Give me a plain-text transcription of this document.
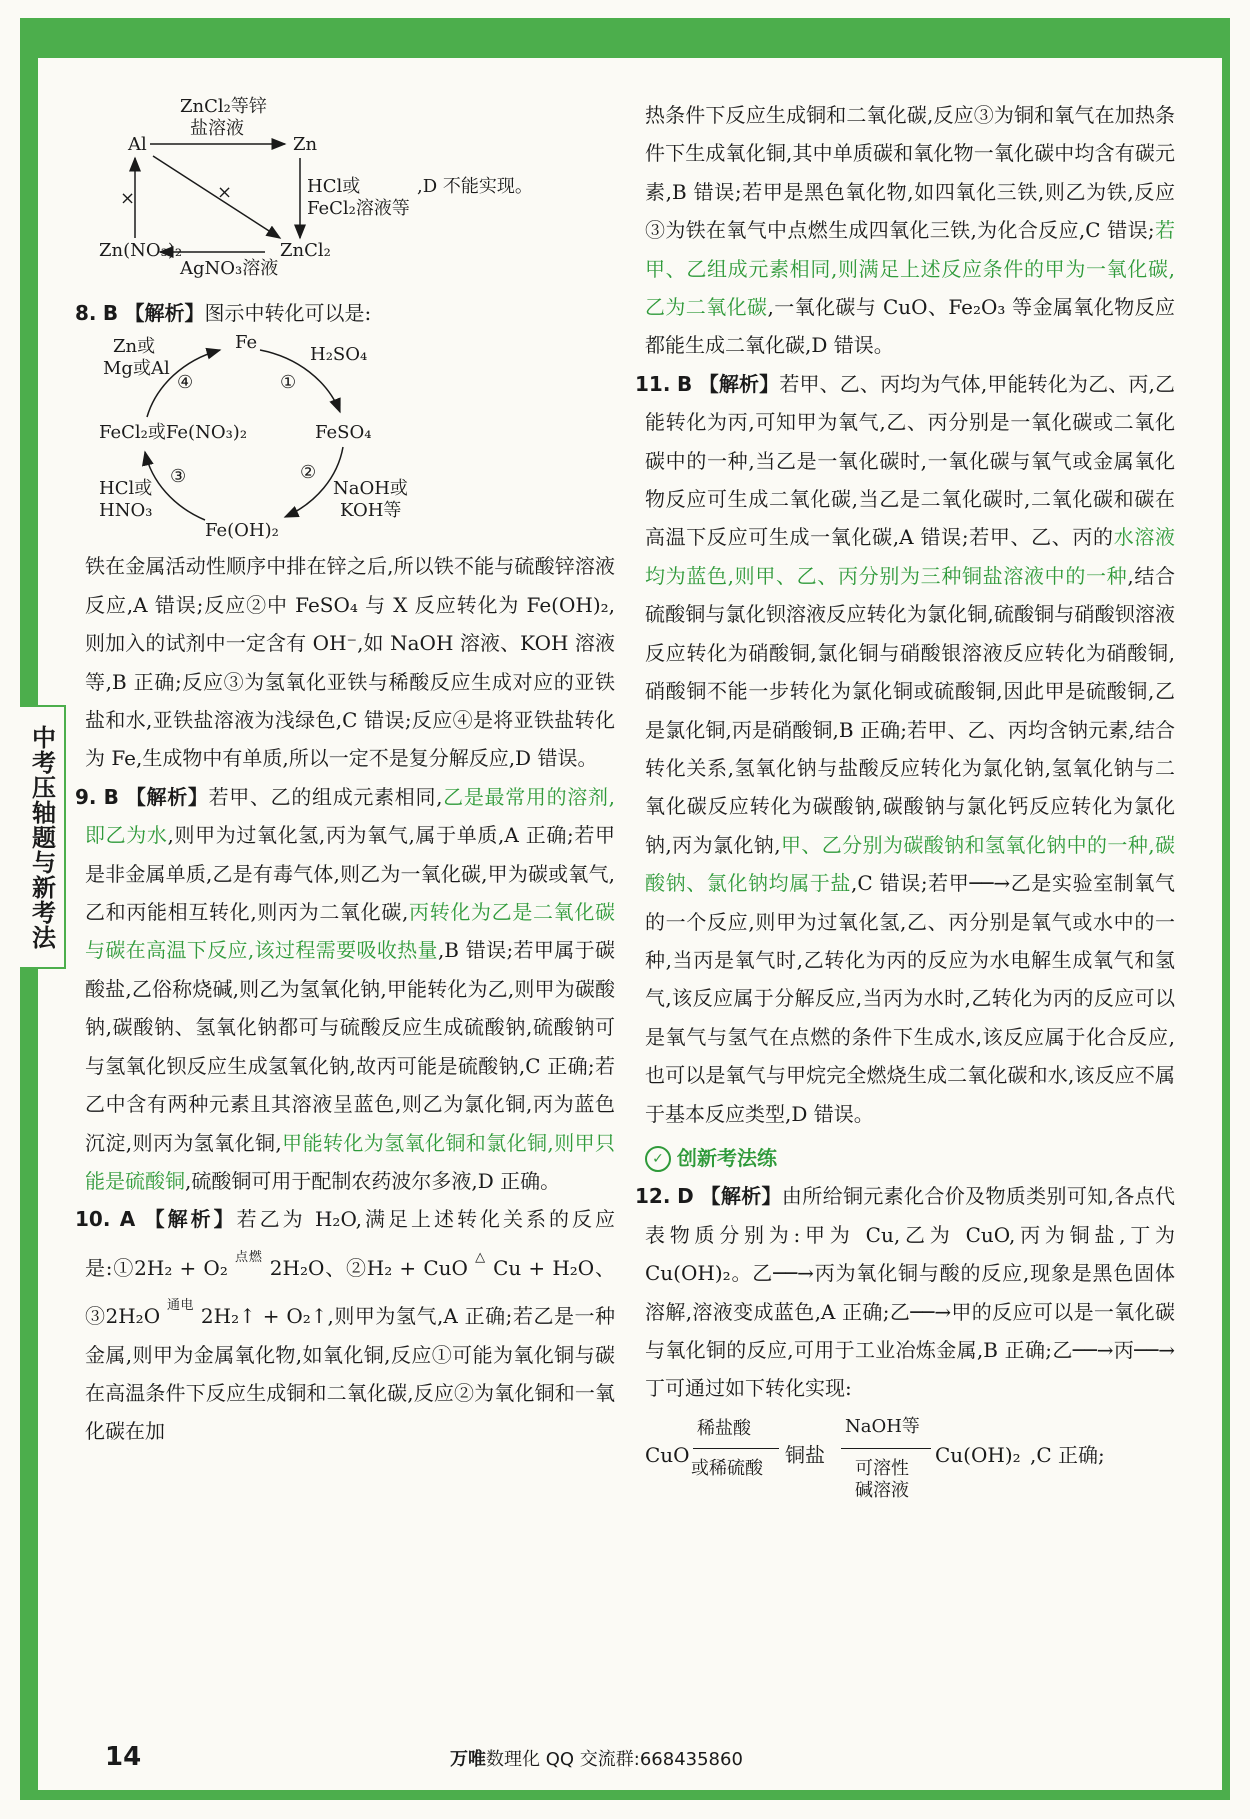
中考压轴题与新考法
ZnCl₂等锌
盐溶液
Al	Zn
×	×	HCl或
FeCl₂溶液等
,D 不能实现。
Zn(NO₃)₂	ZnCl₂
AgNO₃溶液

8. B 【解析】图示中转化可以是:

Fe
H₂SO₄
①
FeSO₄
②
NaOH或
KOH等
Fe(OH)₂
③
HCl或
HNO₃
FeCl₂或Fe(NO₃)₂
④
Zn或
Mg或Al

铁在金属活动性顺序中排在锌之后,所以铁不能与硫酸锌溶液反应,A 错误;反应②中 FeSO₄ 与 X 反应转化为 Fe(OH)₂,则加入的试剂中一定含有 OH⁻,如 NaOH 溶液、KOH 溶液等,B 正确;反应③为氢氧化亚铁与稀酸反应生成对应的亚铁盐和水,亚铁盐溶液为浅绿色,C 错误;反应④是将亚铁盐转化为 Fe,生成物中有单质,所以一定不是复分解反应,D 错误。

9. B 【解析】若甲、乙的组成元素相同,乙是最常用的溶剂,即乙为水,则甲为过氧化氢,丙为氧气,属于单质,A 正确;若甲是非金属单质,乙是有毒气体,则乙为一氧化碳,甲为碳或氧气,乙和丙能相互转化,则丙为二氧化碳,丙转化为乙是二氧化碳与碳在高温下反应,该过程需要吸收热量,B 错误;若甲属于碳酸盐,乙俗称烧碱,则乙为氢氧化钠,甲能转化为乙,则甲为碳酸钠,碳酸钠、氢氧化钠都可与硫酸反应生成硫酸钠,硫酸钠可与氢氧化钡反应生成氢氧化钠,故丙可能是硫酸钠,C 正确;若乙中含有两种元素且其溶液呈蓝色,则乙为氯化铜,丙为蓝色沉淀,则丙为氢氧化铜,甲能转化为氢氧化铜和氯化铜,则甲只能是硫酸铜,硫酸铜可用于配制农药波尔多液,D 正确。

10. A 【解析】若乙为 H₂O,满足上述转化关系的反应是:①2H₂ + O₂ $^{点燃}$ 2H₂O、②H₂ + CuO △ Cu + H₂O、③2H₂O $^{通电}$ 2H₂↑ + O₂↑,则甲为氢气,A 正确;若乙是一种金属,则甲为金属氧化物,如氧化铜,反应①可能为氧化铜与碳在高温条件下反应生成铜和二氧化碳,反应②为氧化铜和一氧化碳在加

热条件下反应生成铜和二氧化碳,反应③为铜和氧气在加热条件下生成氧化铜,其中单质碳和氧化物一氧化碳中均含有碳元素,B 错误;若甲是黑色氧化物,如四氧化三铁,则乙为铁,反应③为铁在氧气中点燃生成四氧化三铁,为化合反应,C 错误;若甲、乙组成元素相同,则满足上述反应条件的甲为一氧化碳,乙为二氧化碳,一氧化碳与 CuO、Fe₂O₃ 等金属氧化物反应都能生成二氧化碳,D 错误。

11. B 【解析】若甲、乙、丙均为气体,甲能转化为乙、丙,乙能转化为丙,可知甲为氧气,乙、丙分别是一氧化碳或二氧化碳中的一种,当乙是一氧化碳时,一氧化碳与氧气或金属氧化物反应可生成二氧化碳,当乙是二氧化碳时,二氧化碳和碳在高温下反应可生成一氧化碳,A 错误;若甲、乙、丙的水溶液均为蓝色,则甲、乙、丙分别为三种铜盐溶液中的一种,结合硫酸铜与氯化钡溶液反应转化为氯化铜,硫酸铜与硝酸钡溶液反应转化为硝酸铜,氯化铜与硝酸银溶液反应转化为硝酸铜,硝酸铜不能一步转化为氯化铜或硫酸铜,因此甲是硫酸铜,乙是氯化铜,丙是硝酸铜,B 正确;若甲、乙、丙均含钠元素,结合转化关系,氢氧化钠与盐酸反应转化为氯化钠,氢氧化钠与二氧化碳反应转化为碳酸钠,碳酸钠与氯化钙反应转化为氯化钠,丙为氯化钠,甲、乙分别为碳酸钠和氢氧化钠中的一种,碳酸钠、氯化钠均属于盐,C 错误;若甲──→乙是实验室制氧气的一个反应,则甲为过氧化氢,乙、丙分别是氧气或水中的一种,当丙是氧气时,乙转化为丙的反应为水电解生成氧气和氢气,该反应属于分解反应,当丙为水时,乙转化为丙的反应可以是氧气与氢气在点燃的条件下生成水,该反应属于化合反应,也可以是氧气与甲烷完全燃烧生成二氧化碳和水,该反应不属于基本反应类型,D 错误。

✓ 创新考法练

12. D 【解析】由所给铜元素化合价及物质类别可知,各点代表物质分别为:甲为 Cu,乙为 CuO,丙为铜盐,丁为 Cu(OH)₂。乙──→丙为氧化铜与酸的反应,现象是黑色固体溶解,溶液变成蓝色,A 正确;乙──→甲的反应可以是一氧化碳与氧化铜的反应,可用于工业冶炼金属,B 正确;乙──→丙──→丁可通过如下转化实现:

CuO
稀盐酸
或稀硫酸
铜盐
NaOH等
可溶性
碱溶液
Cu(OH)₂ ,C 正确;
14	万唯数理化 QQ 交流群:668435860
